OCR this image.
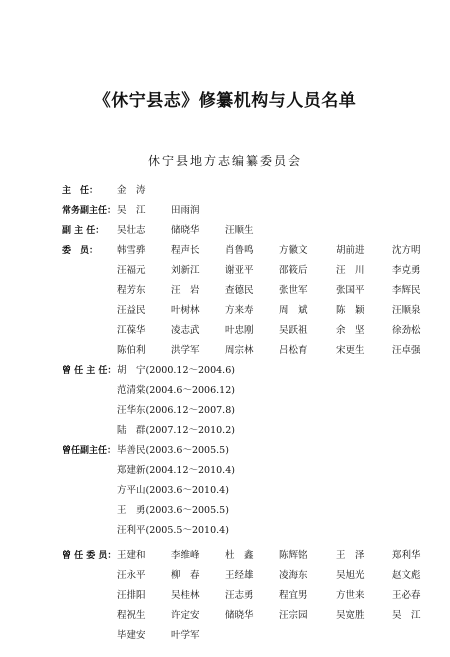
《休宁县志》修纂机构与人员名单
休宁县地方志编纂委员会
主　任：	金　涛
常务副主任： 吴　江	田雨润
副 主 任：	吴壮志	储晓华	汪顺生
委　员：	韩雪骅	程声长	肖鲁鸣	方徽文	胡前进	沈方明
汪福元	刘新江	谢亚平	邵筱后	汪　川	李克勇
程芳东	汪　岩	查德民	张世军	张国平	李辉民
汪益民	叶树林	方来寿	周　斌	陈　颖	汪顺泉
江葆华	凌志武	叶忠刚	吴跃祖	余　坚	徐劲松
陈伯利	洪学军	周宗林	吕松育	宋更生	汪卓强
曾 任 主 任： 胡　宁(2000.12～2004.6)
范清棠(2004.6～2006.12)
汪华东(2006.12～2007.8)
陆　群(2007.12～2010.2)
曾任副主任： 毕善民(2003.6～2005.5)
郑建新(2004.12～2010.4)
方平山(2003.6～2010.4)
王　勇(2003.6～2005.5)
汪利平(2005.5～2010.4)
曾 任 委 员： 王建和	李维峰	杜　鑫	陈辉铭	王　泽	郑利华
汪永平	柳　春	王经雄	凌海东	吴旭光	赵文彪
汪排阳	吴桂林	汪志勇	程宜男	方世来	王必春
程祝生	许定安	储晓华	汪宗园	吴宽胜	吴　江
毕建安	叶学军
